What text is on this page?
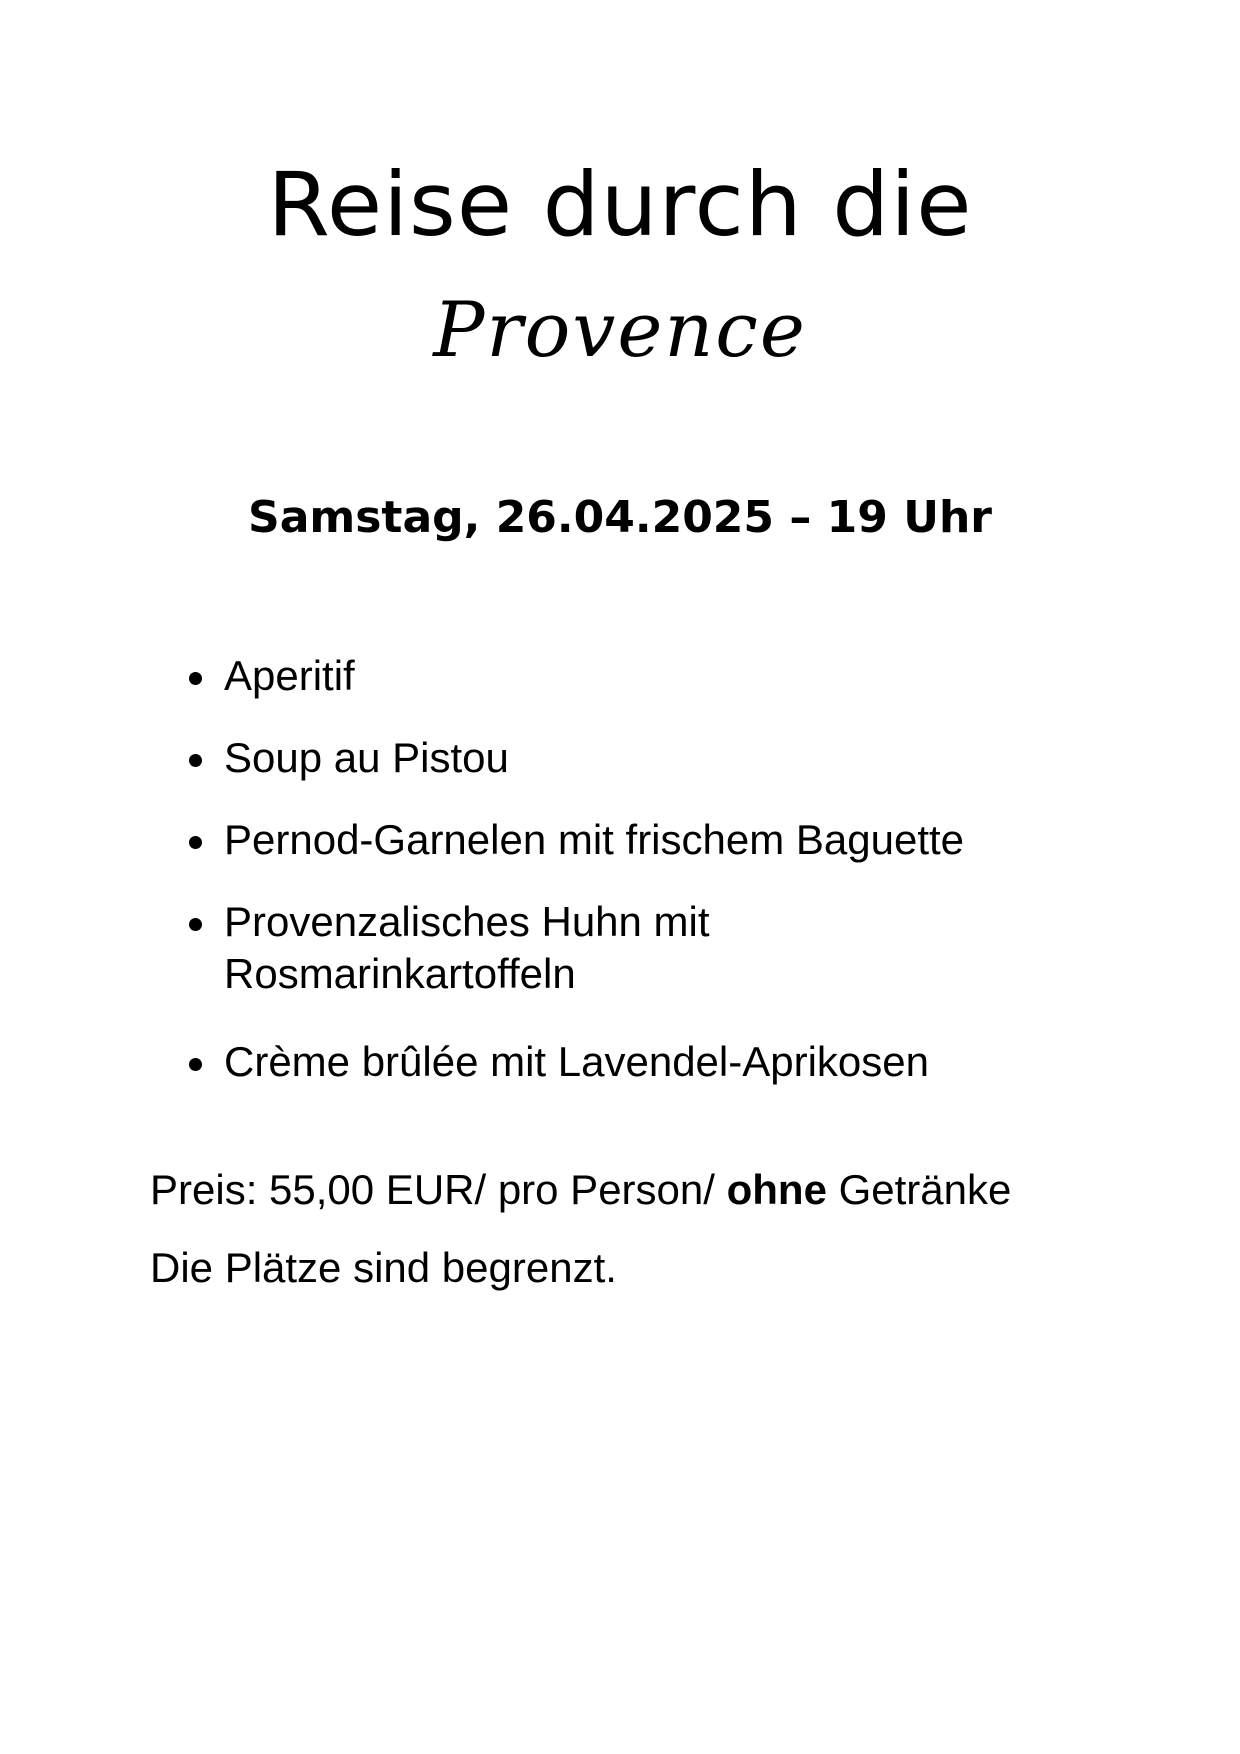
Reise durch die
Provence
Samstag, 26.04.2025 – 19 Uhr
Aperitif
Soup au Pistou
Pernod-Garnelen mit frischem Baguette
Provenzalisches Huhn mit Rosmarinkartoffeln
Crème brûlée mit Lavendel-Aprikosen
Preis: 55,00 EUR/ pro Person/ ohne Getränke
Die Plätze sind begrenzt.
